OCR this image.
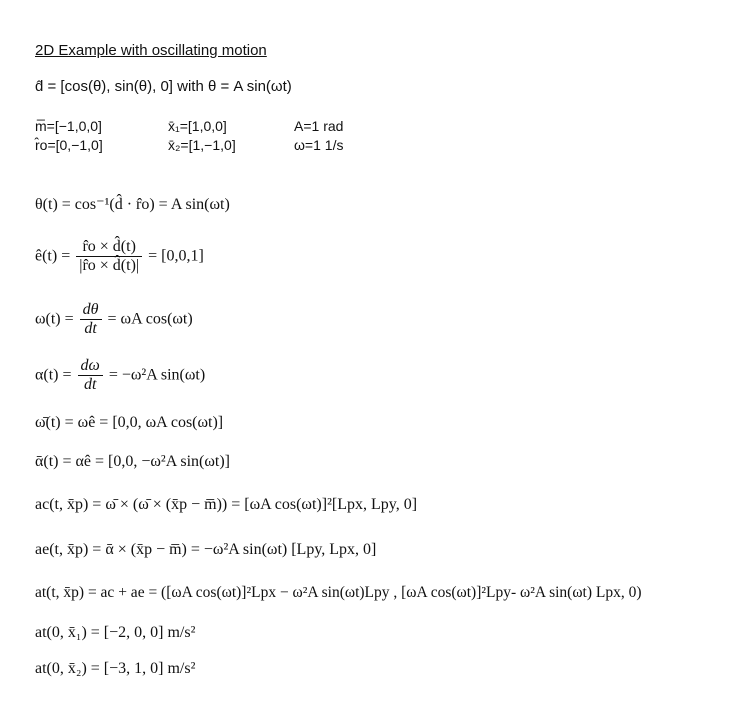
2D Example with oscillating motion
d̂ = [cos(θ), sin(θ), 0] with θ = A sin(ωt)
m̅=[−1,0,0]
r̂o=[0,−1,0]
x̄₁=[1,0,0]
x̄₂=[1,−1,0]
A=1 rad
ω=1 1/s
θ(t) = cos⁻¹(d̂ · r̂o) = A sin(ωt)
ê(t) = $\frac{r̂o \times d̂(t)}{|r̂o \times d̂(t)|} = [0,0,1]$
$\omega(t) = \frac{d\theta}{dt} = \omega A$ cos(ωt)
$\alpha(t) = \frac{d\omega}{dt} = -\omega^2A$ sin(ωt)
ω̄(t) = ωê = [0,0, ωA cos(ωt)]
ᾱ(t) = αê = [0,0, −ω²A sin(ωt)]
ac(t, x̄p) = ω̄ × (ω̄ × (x̄p − m̅)) = [ωA cos(ωt)]²[Lpx, Lpy, 0]
ae(t, x̄p) = ᾱ × (x̄p − m̅) = −ω²A sin(ωt) [Lpy, Lpx, 0]
at(t, x̄p) = ac + ae = ([ωA cos(ωt)]²Lpx − ω²A sin(ωt)Lpy , [ωA cos(ωt)]²Lpy- ω²A sin(ωt) Lpx, 0)
at(0, x̄₁) = [−2, 0, 0] m/s²
at(0, x̄₂) = [−3, 1, 0] m/s²
